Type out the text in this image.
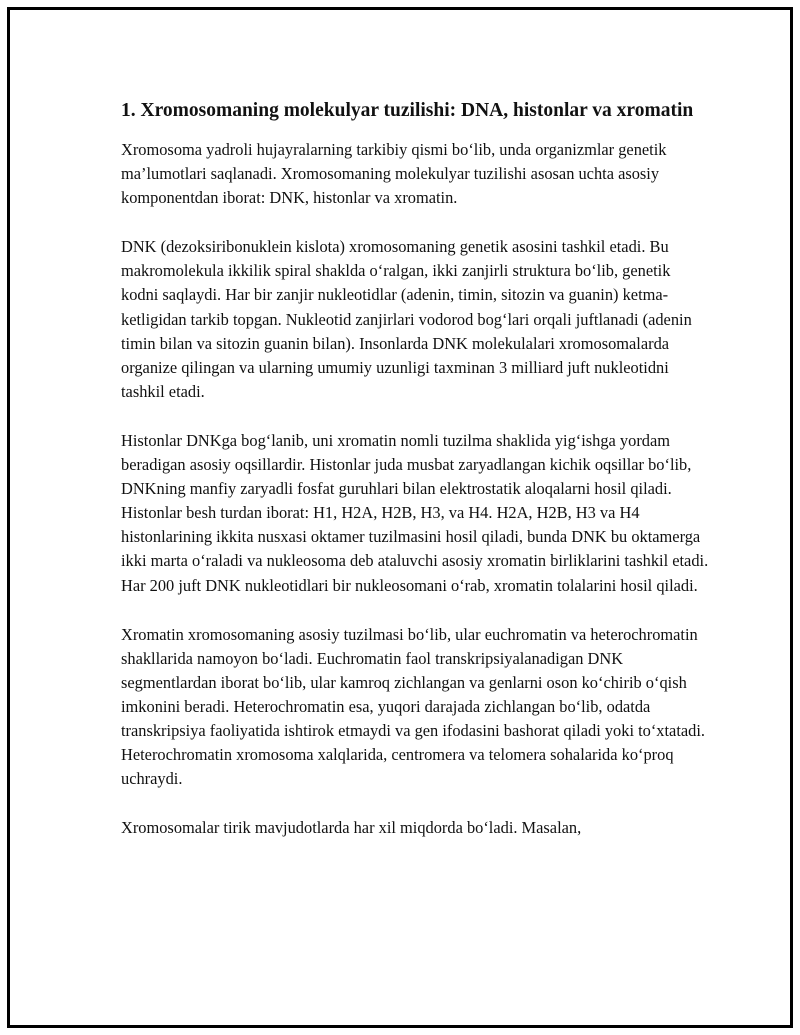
1. Xromosomaning molekulyar tuzilishi: DNA, histonlar va xromatin

Xromosoma yadroli hujayralarning tarkibiy qismi bo‘lib, unda organizmlar genetik ma’lumotlari saqlanadi. Xromosomaning molekulyar tuzilishi asosan uchta asosiy komponentdan iborat: DNK, histonlar va xromatin.

DNK (dezoksiribonuklein kislota) xromosomaning genetik asosini tashkil etadi. Bu makromolekula ikkilik spiral shaklda o‘ralgan, ikki zanjirli struktura bo‘lib, genetik kodni saqlaydi. Har bir zanjir nukleotidlar (adenin, timin, sitozin va guanin) ketma-ketligidan tarkib topgan. Nukleotid zanjirlari vodorod bog‘lari orqali juftlanadi (adenin timin bilan va sitozin guanin bilan). Insonlarda DNK molekulalari xromosomalarda organize qilingan va ularning umumiy uzunligi taxminan 3 milliard juft nukleotidni tashkil etadi.

Histonlar DNKga bog‘lanib, uni xromatin nomli tuzilma shaklida yig‘ishga yordam beradigan asosiy oqsillardir. Histonlar juda musbat zaryadlangan kichik oqsillar bo‘lib, DNKning manfiy zaryadli fosfat guruhlari bilan elektrostatik aloqalarni hosil qiladi. Histonlar besh turdan iborat: H1, H2A, H2B, H3, va H4. H2A, H2B, H3 va H4 histonlarining ikkita nusxasi oktamer tuzilmasini hosil qiladi, bunda DNK bu oktamerga ikki marta o‘raladi va nukleosoma deb ataluvchi asosiy xromatin birliklarini tashkil etadi. Har 200 juft DNK nukleotidlari bir nukleosomani o‘rab, xromatin tolalarini hosil qiladi.

Xromatin xromosomaning asosiy tuzilmasi bo‘lib, ular euchromatin va heterochromatin shakllarida namoyon bo‘ladi. Euchromatin faol transkripsiyalanadigan DNK segmentlardan iborat bo‘lib, ular kamroq zichlangan va genlarni oson ko‘chirib o‘qish imkonini beradi. Heterochromatin esa, yuqori darajada zichlangan bo‘lib, odatda transkripsiya faoliyatida ishtirok etmaydi va gen ifodasini bashorat qiladi yoki to‘xtatadi. Heterochromatin xromosoma xalqlarida, centromera va telomera sohalarida ko‘proq uchraydi.

Xromosomalar tirik mavjudotlarda har xil miqdorda bo‘ladi. Masalan,
